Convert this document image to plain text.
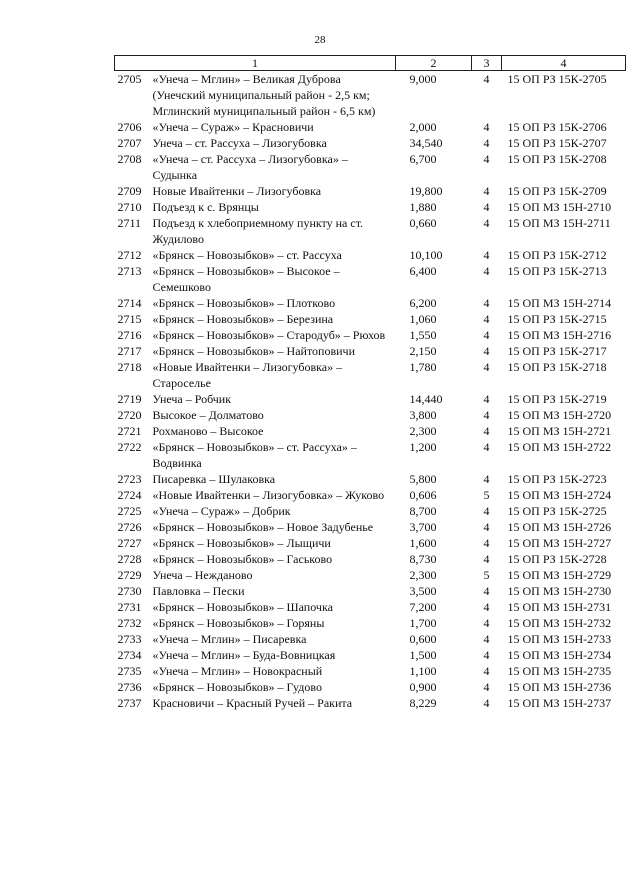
28
1	2	3	4

2705 «Унеча – Мглин» – Великая Дуброва (Унечский муниципальный район - 2,5 км; Мглинский муниципальный район - 6,5 км)	9,000	4	15 ОП РЗ 15К-2705

2706 «Унеча – Сураж» – Красновичи	2,000	4	15 ОП РЗ 15К-2706

2707 Унеча – ст. Рассуха – Лизогубовка	34,540	4	15 ОП РЗ 15К-2707

2708 «Унеча – ст. Рассуха – Лизогубовка» – Судынка	6,700	4	15 ОП РЗ 15К-2708

2709 Новые Ивайтенки – Лизогубовка	19,800	4	15 ОП РЗ 15К-2709

2710 Подъезд к с. Врянцы	1,880	4	15 ОП МЗ 15Н-2710

2711 Подъезд к хлебоприемному пункту на ст. Жудилово	0,660	4	15 ОП МЗ 15Н-2711

2712 «Брянск – Новозыбков» – ст. Рассуха	10,100	4	15 ОП РЗ 15К-2712

2713 «Брянск – Новозыбков» – Высокое – Семешково	6,400	4	15 ОП РЗ 15К-2713

2714 «Брянск – Новозыбков» – Плотково	6,200	4	15 ОП МЗ 15Н-2714

2715 «Брянск – Новозыбков» – Березина	1,060	4	15 ОП РЗ 15К-2715

2716 «Брянск – Новозыбков» – Стародуб» – Рюхов	1,550	4	15 ОП МЗ 15Н-2716

2717 «Брянск – Новозыбков» – Найтоповичи	2,150	4	15 ОП РЗ 15К-2717

2718 «Новые Ивайтенки – Лизогубовка» – Староселье	1,780	4	15 ОП РЗ 15К-2718

2719 Унеча – Робчик	14,440	4	15 ОП РЗ 15К-2719

2720 Высокое – Долматово	3,800	4	15 ОП МЗ 15Н-2720

2721 Рохманово – Высокое	2,300	4	15 ОП МЗ 15Н-2721

2722 «Брянск – Новозыбков» – ст. Рассуха» – Водвинка	1,200	4	15 ОП МЗ 15Н-2722

2723 Писаревка – Шулаковка	5,800	4	15 ОП РЗ 15К-2723

2724 «Новые Ивайтенки – Лизогубовка» – Жуково	0,606	5	15 ОП МЗ 15Н-2724

2725 «Унеча – Сураж» – Добрик	8,700	4	15 ОП РЗ 15К-2725

2726 «Брянск – Новозыбков» – Новое Задубенье	3,700	4	15 ОП МЗ 15Н-2726

2727 «Брянск – Новозыбков» – Лыщичи	1,600	4	15 ОП МЗ 15Н-2727

2728 «Брянск – Новозыбков» – Гаськово	8,730	4	15 ОП РЗ 15К-2728

2729 Унеча – Нежданово	2,300	5	15 ОП МЗ 15Н-2729

2730 Павловка – Пески	3,500	4	15 ОП МЗ 15Н-2730

2731 «Брянск – Новозыбков» – Шапочка	7,200	4	15 ОП МЗ 15Н-2731

2732 «Брянск – Новозыбков» – Горяны	1,700	4	15 ОП МЗ 15Н-2732

2733 «Унеча – Мглин» – Писаревка	0,600	4	15 ОП МЗ 15Н-2733

2734 «Унеча – Мглин» – Буда-Вовницкая	1,500	4	15 ОП МЗ 15Н-2734

2735 «Унеча – Мглин» – Новокрасный	1,100	4	15 ОП МЗ 15Н-2735

2736 «Брянск – Новозыбков» – Гудово	0,900	4	15 ОП МЗ 15Н-2736

2737 Красновичи – Красный Ручей – Ракита	8,229	4	15 ОП МЗ 15Н-2737
